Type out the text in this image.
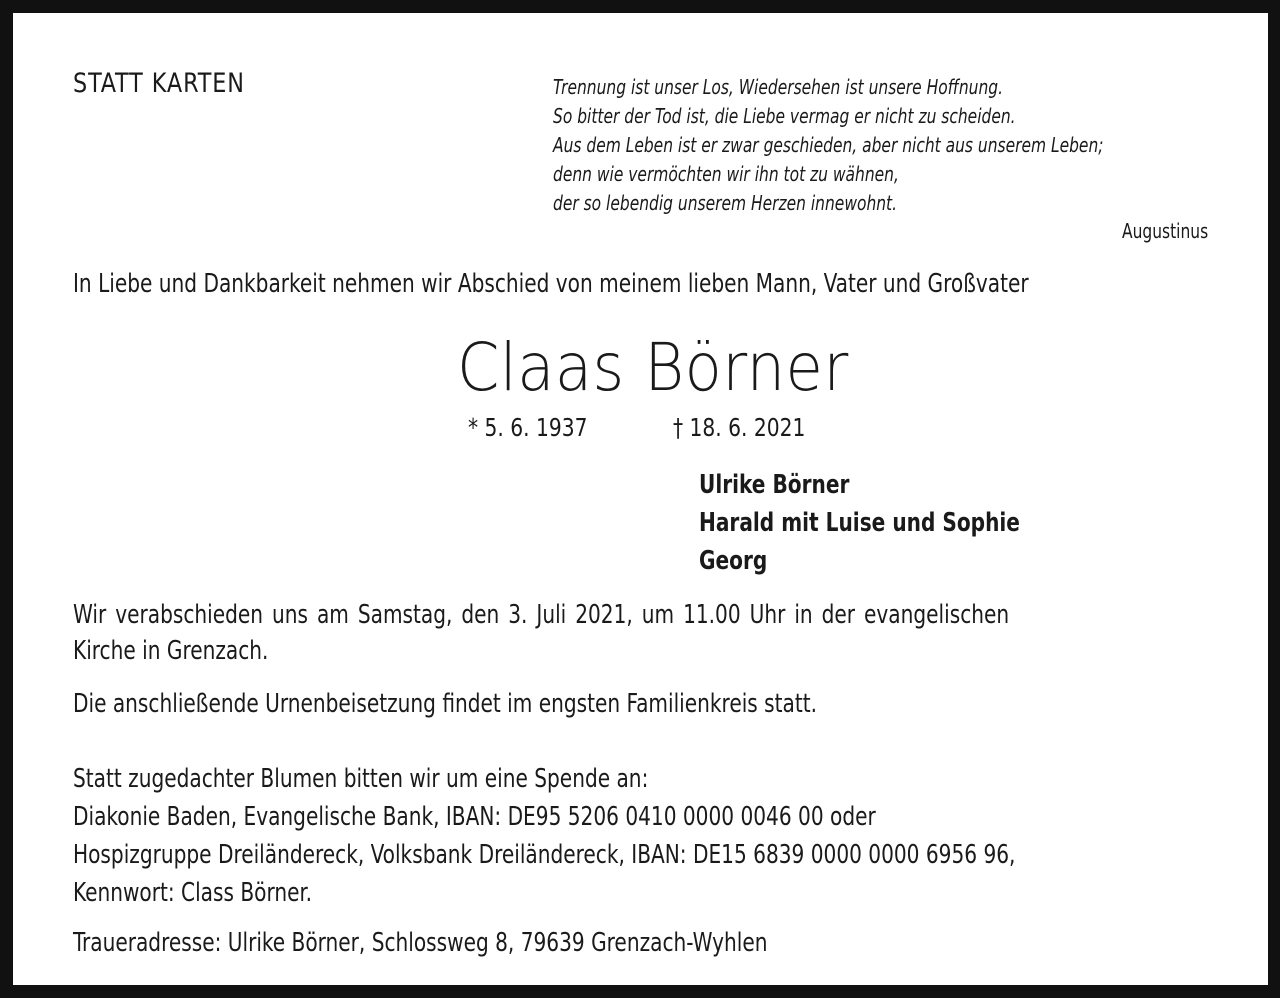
STATT KARTEN	Trennung ist unser Los, Wiedersehen ist unsere Hoffnung.
So bitter der Tod ist, die Liebe vermag er nicht zu scheiden.
Aus dem Leben ist er zwar geschieden, aber nicht aus unserem Leben;
denn wie vermöchten wir ihn tot zu wähnen,
der so lebendig unserem Herzen innewohnt.
Augustinus
In Liebe und Dankbarkeit nehmen wir Abschied von meinem lieben Mann, Vater und Großvater
Claas Börner
* 5. 6. 1937	† 18. 6. 2021
Ulrike Börner
Harald mit Luise und Sophie
Georg
Wir verabschieden uns am Samstag, den 3. Juli 2021, um 11.00 Uhr in der evangelischen
Kirche in Grenzach.
Die anschließende Urnenbeisetzung findet im engsten Familienkreis statt.
Statt zugedachter Blumen bitten wir um eine Spende an:
Diakonie Baden, Evangelische Bank, IBAN: DE95 5206 0410 0000 0046 00 oder
Hospizgruppe Dreiländereck, Volksbank Dreiländereck, IBAN: DE15 6839 0000 0000 6956 96,
Kennwort: Class Börner.
Traueradresse: Ulrike Börner, Schlossweg 8, 79639 Grenzach-Wyhlen
